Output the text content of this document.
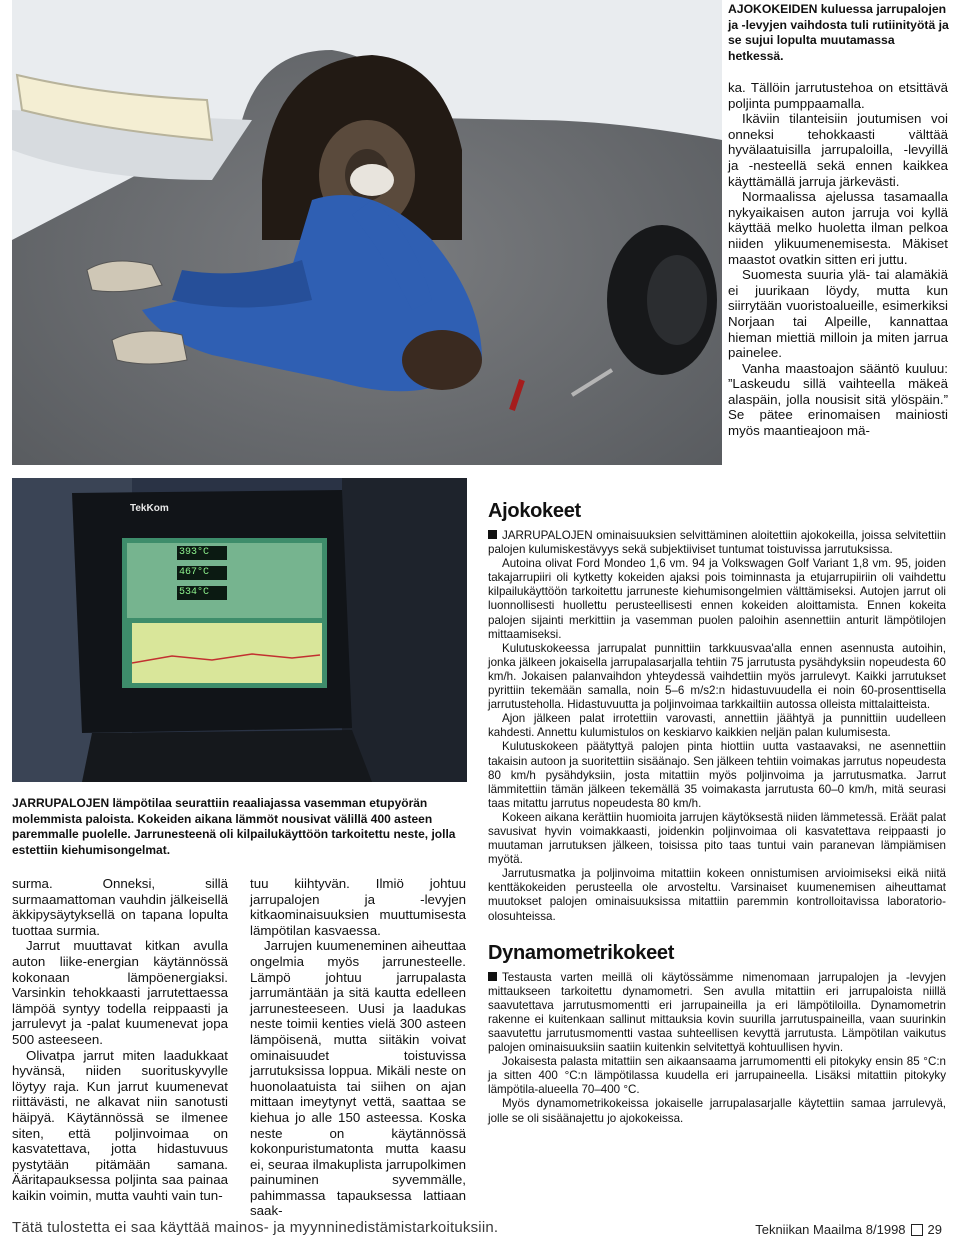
AJOKOKEIDEN kuluessa jarrupalojen ja -levyjen vaihdosta tuli rutiinityötä ja se sujui lopulta muutamassa hetkessä.

ka. Tällöin jarrutustehoa on etsittävä poljinta pumppaamalla.

Ikäviin tilanteisiin joutumisen voi onneksi tehokkaasti välttää hyvälaatuisilla jarrupaloilla, -levyillä ja -nesteellä sekä ennen kaikkea käyttämällä jarruja järkevästi.

Normaalissa ajelussa tasamaalla nykyaikaisen auton jarruja voi kyllä käyttää melko huoletta ilman pelkoa niiden ylikuumenemisesta. Mäkiset maastot ovatkin sitten eri juttu.

Suomesta suuria ylä- tai alamäkiä ei juurikaan löydy, mutta kun siirrytään vuoristoalueille, esimerkiksi Norjaan tai Alpeille, kannattaa hieman miettiä milloin ja miten jarrua painelee.

Vanha maastoajon sääntö kuuluu: ”Laskeudu sillä vaihteella mäkeä alaspäin, jolla nousisit sitä ylöspäin.” Se pätee erinomaisen mainiosti myös maantieajoon mä-

TekKom
393°C
467°C
534°C
JARRUPALOJEN lämpötilaa seurattiin reaaliajassa vasemman etupyörän molemmista paloista. Kokeiden aikana lämmöt nousivat välillä 400 asteen paremmalle puolelle. Jarrunesteenä oli kilpailukäyttöön tarkoitettu neste, jolla estettiin kiehumisongelmat.

surma. Onneksi, sillä surmaamattoman vauhdin jälkeisellä äkkipysäytyksellä on tapana lopulta tuottaa surmia.

Jarrut muuttavat kitkan avulla auton liike-energian käytännössä kokonaan lämpöenergiaksi. Varsinkin tehokkaasti jarrutettaessa lämpöä syntyy todella reippaasti ja jarrulevyt ja -palat kuumenevat jopa 500 asteeseen.

Olivatpa jarrut miten laadukkaat hyvänsä, niiden suorituskyvylle löytyy raja. Kun jarrut kuumenevat riittävästi, ne alkavat niin sanotusti häipyä. Käytännössä se ilmenee siten, että poljinvoimaa on kasvatettava, jotta hidastuvuus pystytään pitämään samana. Ääritapauksessa poljinta saa painaa kaikin voimin, mutta vauhti vain tun-

tuu kiihtyvän. Ilmiö johtuu jarrupalojen ja -levyjen kitkaominaisuuksien muuttumisesta lämpötilan kasvaessa.

Jarrujen kuumeneminen aiheuttaa ongelmia myös jarrunesteelle. Lämpö johtuu jarrupalasta jarrumäntään ja sitä kautta edelleen jarrunesteeseen. Uusi ja laadukas neste toimii kenties vielä 300 asteen lämpöisenä, mutta siitäkin voivat ominaisuudet toistuvissa jarrutuksissa loppua. Mikäli neste on huonolaatuista tai siihen on ajan mittaan imeytynyt vettä, saattaa se kiehua jo alle 150 asteessa. Koska neste on käytännössä kokonpuristumatonta mutta kaasu ei, seuraa ilmakuplista jarrupolkimen painuminen syvemmälle, pahimmassa tapauksessa lattiaan saak-

Ajokokeet

JARRUPALOJEN ominaisuuksien selvittäminen aloitettiin ajokokeilla, joissa selvitettiin palojen kulumiskestävyys sekä subjektiiviset tuntumat toistuvissa jarrutuksissa.

Autoina olivat Ford Mondeo 1,6 vm. 94 ja Volkswagen Golf Variant 1,8 vm. 95, joiden takajarrupiiri oli kytketty kokeiden ajaksi pois toiminnasta ja etujarrupiiriin oli vaihdettu kilpailukäyttöön tarkoitettu jarruneste kiehumisongelmien välttämiseksi. Autojen jarrut oli luonnollisesti huollettu perusteellisesti ennen kokeiden aloittamista. Ennen kokeita palojen sijainti merkittiin ja vasemman puolen paloihin asennettiin anturit lämpötilojen mittaamiseksi.

Kulutuskokeessa jarrupalat punnittiin tarkkuusvaa'alla ennen asennusta autoihin, jonka jälkeen jokaisella jarrupalasarjalla tehtiin 75 jarrutusta pysähdyksiin nopeudesta 60 km/h. Jokaisen palanvaihdon yhteydessä vaihdettiin myös jarrulevyt. Kaikki jarrutukset pyrittiin tekemään samalla, noin 5–6 m/s2:n hidastuvuudella ei noin 60-prosenttisella jarrutusteholla. Hidastuvuutta ja poljinvoimaa tarkkailtiin autossa olleista mittalaitteista.

Ajon jälkeen palat irrotettiin varovasti, annettiin jäähtyä ja punnittiin uudelleen kahdesti. Annettu kulumistulos on keskiarvo kaikkien neljän palan kulumisesta.

Kulutuskokeen päätyttyä palojen pinta hiottiin uutta vastaavaksi, ne asennettiin takaisin autoon ja suoritettiin sisäänajo. Sen jälkeen tehtiin voimakas jarrutus nopeudesta 80 km/h pysähdyksiin, josta mitattiin myös poljinvoima ja jarrutusmatka. Jarrut lämmitettiin tämän jälkeen tekemällä 35 voimakasta jarrutusta 60–0 km/h, mitä seurasi taas mitattu jarrutus nopeudesta 80 km/h.

Kokeen aikana kerättiin huomioita jarrujen käytöksestä niiden lämmetessä. Eräät palat savusivat hyvin voimakkaasti, joidenkin poljinvoimaa oli kasvatettava reippaasti jo muutaman jarrutuksen jälkeen, toisissa pito taas tuntui vain paranevan lämpiämisen myötä.

Jarrutusmatka ja poljinvoima mitattiin kokeen onnistumisen arvioimiseksi eikä niitä kenttäkokeiden perusteella ole arvosteltu. Varsinaiset kuumenemisen aiheuttamat muutokset palojen ominaisuuksissa mitattiin paremmin kontrolloitavissa laboratorio-olosuhteissa.

Dynamometrikokeet

Testausta varten meillä oli käytössämme nimenomaan jarrupalojen ja -levyjen mittaukseen tarkoitettu dynamometri. Sen avulla mitattiin eri jarrupaloista niillä saavutettava jarrutusmomentti eri jarrupaineilla ja eri lämpötiloilla. Dynamometrin rakenne ei kuitenkaan sallinut mittauksia kovin suurilla jarrutuspaineilla, vaan suurinkin saavutettu jarrutusmomentti vastaa suhteellisen kevyttä jarrutusta. Lämpötilan vaikutus palojen ominaisuuksiin saatiin kuitenkin selvitettyä kohtuullisen hyvin.

Jokaisesta palasta mitattiin sen aikaansaama jarrumomentti eli pitokyky ensin 85 °C:n ja sitten 400 °C:n lämpötilassa kuudella eri jarrupaineella. Lisäksi mitattiin pitokyky lämpötila-alueella 70–400 °C.

Myös dynamometrikokeissa jokaiselle jarrupalasarjalle käytettiin samaa jarrulevyä, jolle se oli sisäänajettu jo ajokokeissa.

Tätä tulostetta ei saa käyttää mainos- ja myynninedistämistarkoituksiin.	Tekniikan Maailma 8/1998 29
